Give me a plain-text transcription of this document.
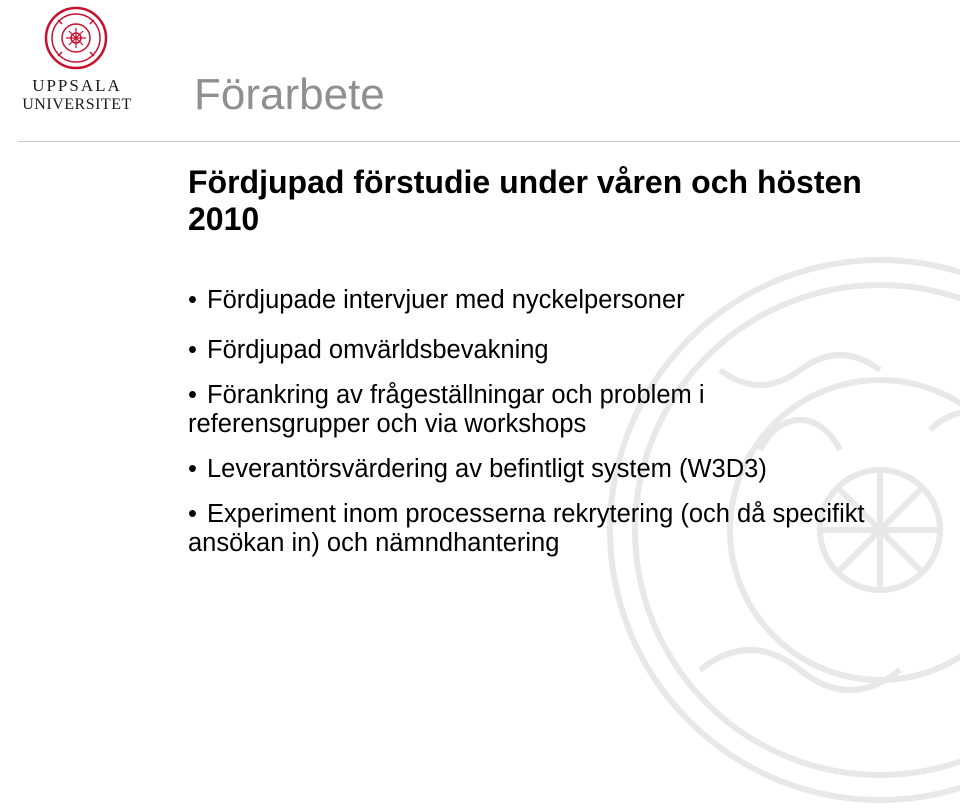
UPPSALA
UNIVERSITET Förarbete
Fördjupad förstudie under våren och hösten 2010
• Fördjupade intervjuer med nyckelpersoner
• Fördjupad omvärldsbevakning
• Förankring av frågeställningar och problem i referensgrupper och via workshops
• Leverantörsvärdering av befintligt system (W3D3)
• Experiment inom processerna rekrytering (och då specifikt ansökan in) och nämndhantering
